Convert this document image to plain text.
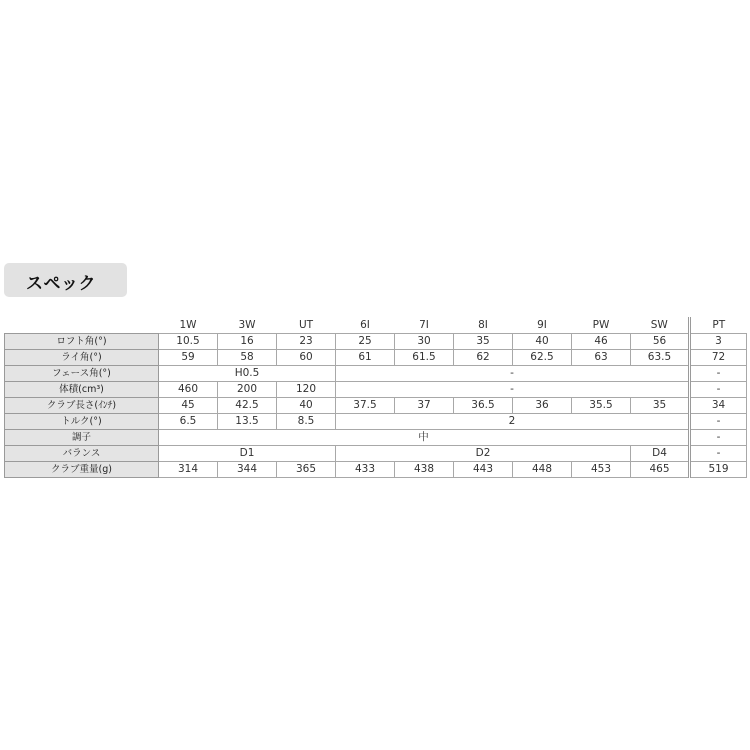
スペック
	1W	3W	UT	6I	7I	8I	9I	PW	SW	PT
ロフト角(°)	10.5	16	23	25	30	35	40	46	56	3
ライ角(°)	59	58	60	61	61.5	62	62.5	63	63.5	72
フェース角(°)	H0.5			-						-
体積(cm³)	460	200	120	-						-
クラブ長さ(ｲﾝﾁ)	45	42.5	40	37.5	37	36.5	36	35.5	35	34
トルク(°)	6.5	13.5	8.5	2						-
調子	中									-
バランス	D1			D2					D4	-
クラブ重量(g)	314	344	365	433	438	443	448	453	465	519
